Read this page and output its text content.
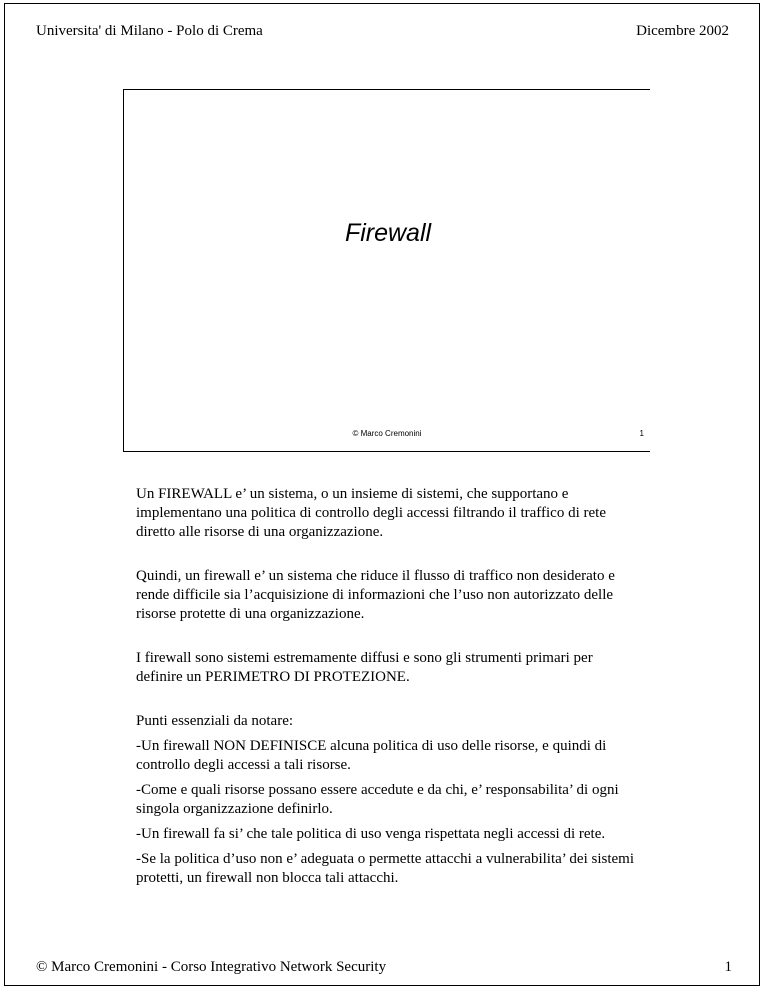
Universita' di Milano - Polo di Crema	Dicembre 2002
Firewall
© Marco Cremonini	1

Un FIREWALL e’ un sistema, o un insieme di sistemi, che supportano e implementano una politica di controllo degli accessi filtrando il traffico di rete diretto alle risorse di una organizzazione.

Quindi, un firewall e’ un sistema che riduce il flusso di traffico non desiderato e rende difficile sia l’acquisizione di informazioni che l’uso non autorizzato delle risorse protette di una organizzazione.

I firewall sono sistemi estremamente diffusi e sono gli strumenti primari per definire un PERIMETRO DI PROTEZIONE.

Punti essenziali da notare:

-Un firewall NON DEFINISCE alcuna politica di uso delle risorse, e quindi di controllo degli accessi a tali risorse.

-Come e quali risorse possano essere accedute e da chi, e’ responsabilita’ di ogni singola organizzazione definirlo.

-Un firewall fa si’ che tale politica di uso venga rispettata negli accessi di rete.

-Se la politica d’uso non e’ adeguata o permette attacchi a vulnerabilita’ dei sistemi protetti, un firewall non blocca tali attacchi.

© Marco Cremonini - Corso Integrativo Network Security	1
